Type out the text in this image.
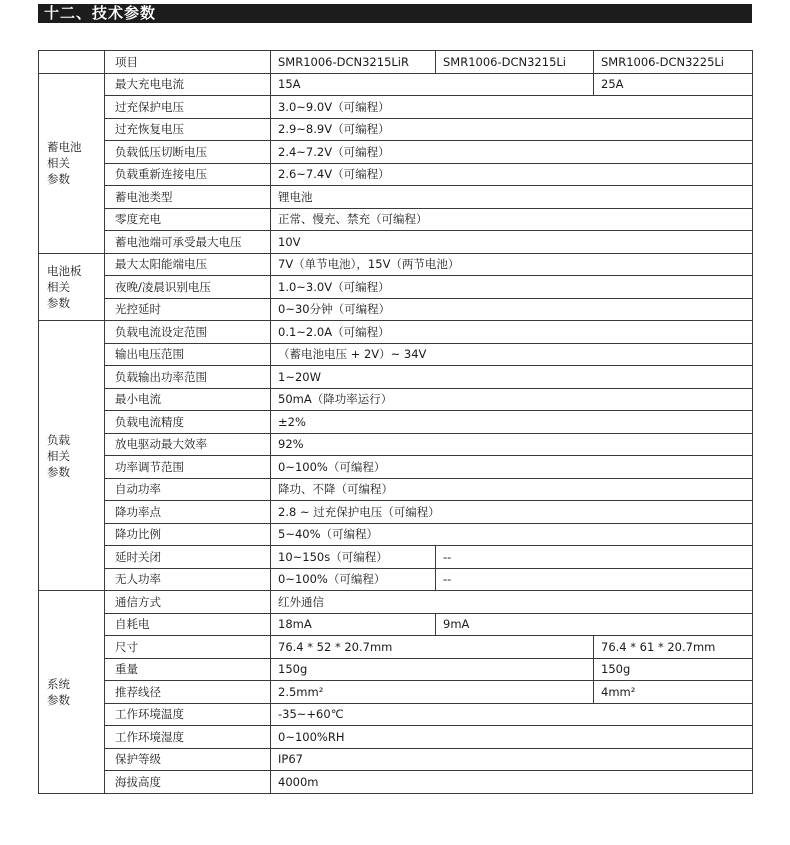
十二、技术参数
	项目	SMR1006-DCN3215LiR	SMR1006-DCN3215Li	SMR1006-DCN3225Li
蓄电池
相关
参数	最大充电电流	15A		25A
	过充保护电压	3.0~9.0V（可编程）		
	过充恢复电压	2.9~8.9V（可编程）		
	负载低压切断电压	2.4~7.2V（可编程）		
	负载重新连接电压	2.6~7.4V（可编程）		
	蓄电池类型	锂电池		
	零度充电	正常、慢充、禁充（可编程）		
	蓄电池端可承受最大电压	10V		
电池板
相关
参数	最大太阳能端电压	7V（单节电池），15V（两节电池）		
	夜晚/凌晨识别电压	1.0~3.0V（可编程）		
	光控延时	0~30分钟（可编程）		
负载
相关
参数	负载电流设定范围	0.1~2.0A（可编程）		
	输出电压范围	（蓄电池电压 + 2V）~ 34V		
	负载输出功率范围	1~20W		
	最小电流	50mA（降功率运行）		
	负载电流精度	±2%		
	放电驱动最大效率	92%		
	功率调节范围	0~100%（可编程）		
	自动功率	降功、不降（可编程）		
	降功率点	2.8 ~ 过充保护电压（可编程）		
	降功比例	5~40%（可编程）		
	延时关闭	10~150s（可编程）	--	
	无人功率	0~100%（可编程）	--	
系统
参数	通信方式	红外通信		
	自耗电	18mA	9mA	
	尺寸	76.4 * 52 * 20.7mm		76.4 * 61 * 20.7mm
	重量	150g		150g
	推荐线径	2.5mm²		4mm²
	工作环境温度	-35~+60℃		
	工作环境湿度	0~100%RH		
	保护等级	IP67		
	海拔高度	4000m		
